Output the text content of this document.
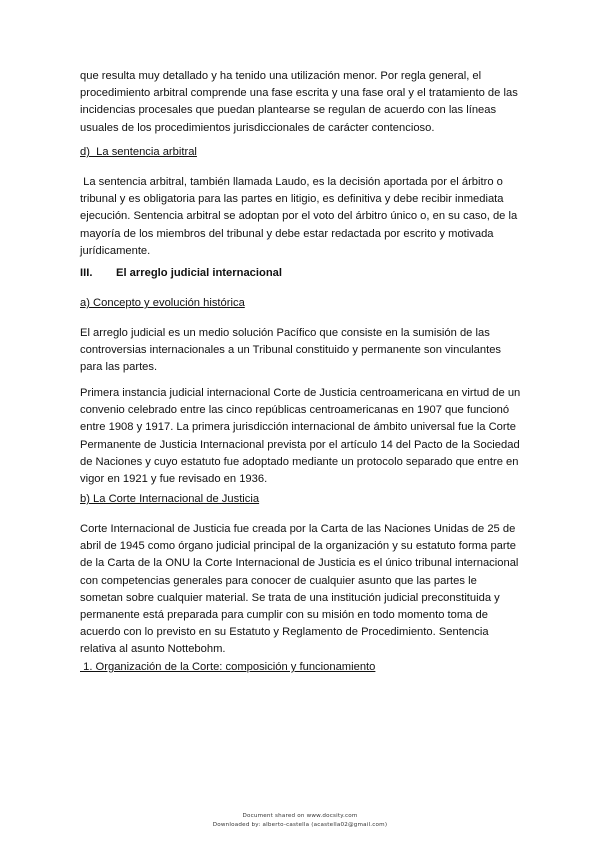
que resulta muy detallado y ha tenido una utilización menor. Por regla general, el
procedimiento arbitral comprende una fase escrita y una fase oral y el tratamiento de las
incidencias procesales que puedan plantearse se regulan de acuerdo con las líneas
usuales de los procedimientos jurisdiccionales de carácter contencioso.
d)  La sentencia arbitral
La sentencia arbitral, también llamada Laudo, es la decisión aportada por el árbitro o
tribunal y es obligatoria para las partes en litigio, es definitiva y debe recibir inmediata
ejecución. Sentencia arbitral se adoptan por el voto del árbitro único o, en su caso, de la
mayoría de los miembros del tribunal y debe estar redactada por escrito y motivada
jurídicamente.
III. El arreglo judicial internacional
a) Concepto y evolución histórica
El arreglo judicial es un medio solución Pacífico que consiste en la sumisión de las
controversias internacionales a un Tribunal constituido y permanente son vinculantes
para las partes.
Primera instancia judicial internacional Corte de Justicia centroamericana en virtud de un
convenio celebrado entre las cinco repúblicas centroamericanas en 1907 que funcionó
entre 1908 y 1917. La primera jurisdicción internacional de ámbito universal fue la Corte
Permanente de Justicia Internacional prevista por el artículo 14 del Pacto de la Sociedad
de Naciones y cuyo estatuto fue adoptado mediante un protocolo separado que entre en
vigor en 1921 y fue revisado en 1936.
b) La Corte Internacional de Justicia
Corte Internacional de Justicia fue creada por la Carta de las Naciones Unidas de 25 de
abril de 1945 como órgano judicial principal de la organización y su estatuto forma parte
de la Carta de la ONU la Corte Internacional de Justicia es el único tribunal internacional
con competencias generales para conocer de cualquier asunto que las partes le
sometan sobre cualquier material. Se trata de una institución judicial preconstituida y
permanente está preparada para cumplir con su misión en todo momento toma de
acuerdo con lo previsto en su Estatuto y Reglamento de Procedimiento. Sentencia
relativa al asunto Nottebohm.
1. Organización de la Corte: composición y funcionamiento
Document shared on www.docsity.com
Downloaded by: alberto-castella (acastella02@gmail.com)
